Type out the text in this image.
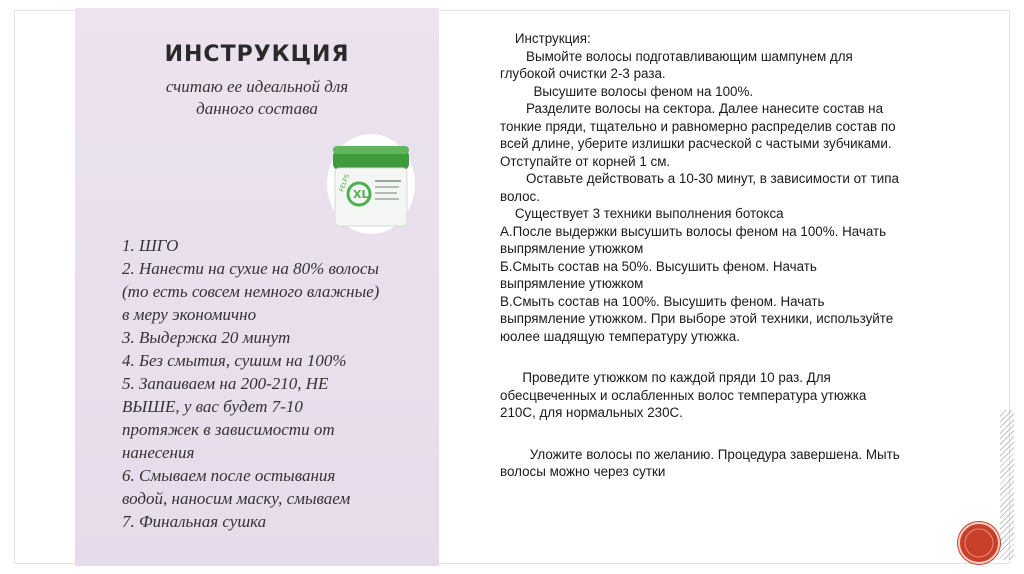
ИНСТРУКЦИЯ
считаю ее идеальной для
данного состава
FELPS
XL
1. ШГО
2. Нанести на сухие на 80% волосы
(то есть совсем немного влажные)
в меру экономично
3. Выдержка 20 минут
4. Без смытия, сушим на 100%
5. Запаиваем на 200-210, НЕ
ВЫШЕ, у вас будет 7-10
протяжек в зависимости от
нанесения
6. Смываем после остывания
водой, наносим маску, смываем
7. Финальная сушка
Инструкция:
Вымойте волосы подготавливающим шампунем для
глубокой очистки 2-3 раза.
Высушите волосы феном на 100%.
Разделите волосы на сектора. Далее нанесите состав на
тонкие пряди, тщательно и равномерно распределив состав по
всей длине, уберите излишки расческой с частыми зубчиками.
Отступайте от корней 1 см.
Оставьте действовать а 10-30 минут, в зависимости от типа
волос.
Существует 3 техники выполнения ботокса
А.После выдержки высушить волосы феном на 100%. Начать
выпрямление утюжком
Б.Смыть состав на 50%. Высушить феном. Начать
выпрямление утюжком
В.Смыть состав на 100%. Высушить феном. Начать
выпрямление утюжком. При выборе этой техники, используйте
юолее шадящую температуру утюжка.
Проведите утюжком по каждой пряди 10 раз. Для
обесцвеченных и ослабленных волос температура утюжка
210С, для нормальных 230С.
Уложите волосы по желанию. Процедура завершена. Мыть
волосы можно через сутки
